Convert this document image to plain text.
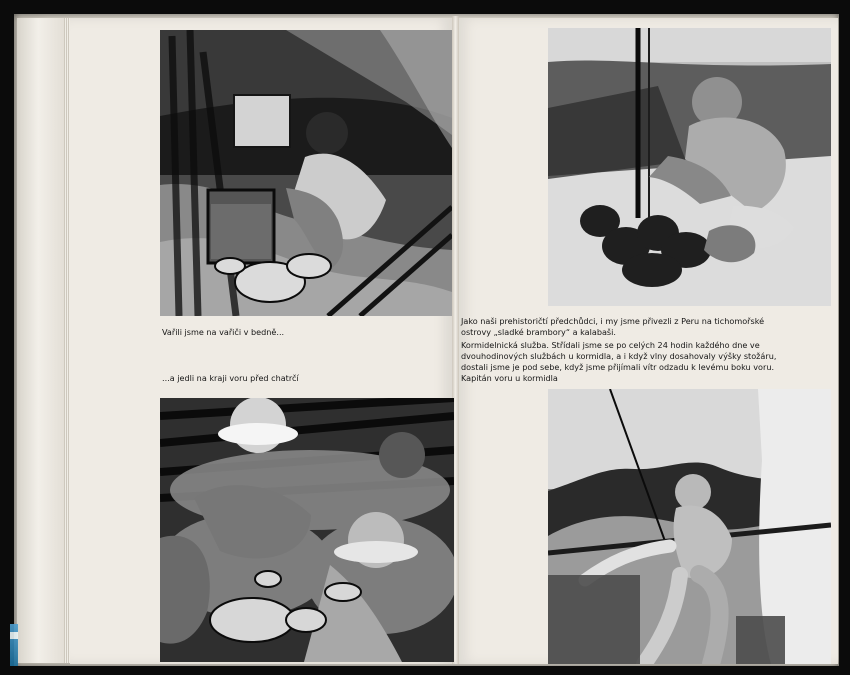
Vařili jsme na vařiči v bedně...
...a jedli na kraji voru před chatrčí
Jako naši prehistoričtí předchůdci, i my jsme přivezli z Peru na tichomořské
ostrovy „sladké brambory“ a kalabaši.
Kormidelnická služba. Střídali jsme se po celých 24 hodin každého dne ve
dvouhodinových službách u kormidla, a i když vlny dosahovaly výšky stožáru,
dostali jsme je pod sebe, když jsme přijímali vítr odzadu k levému boku voru.
Kapitán voru u kormidla
